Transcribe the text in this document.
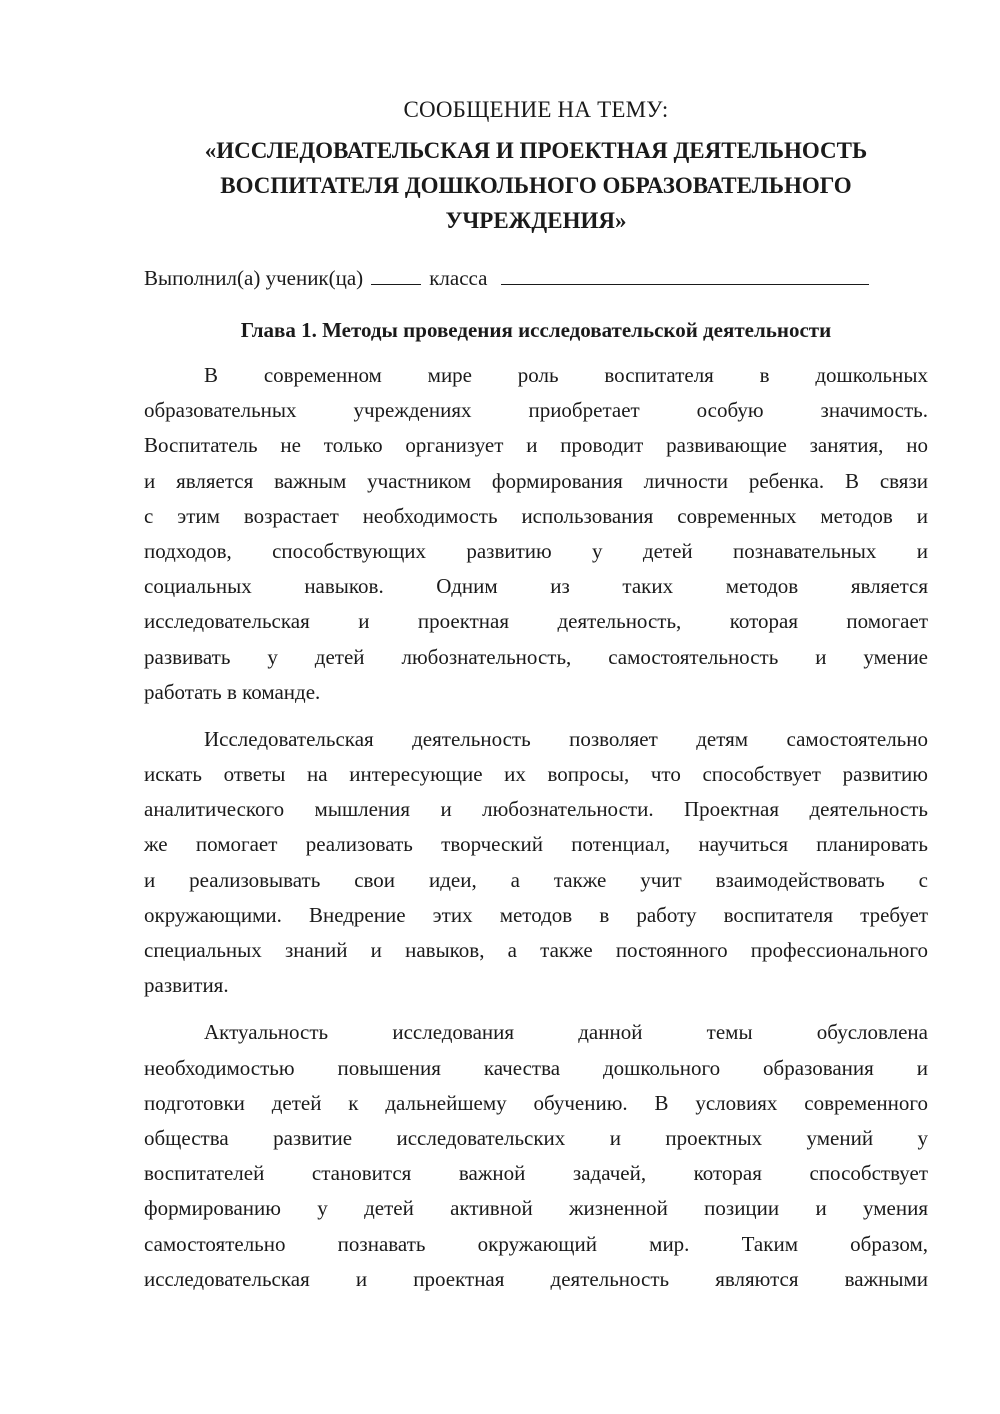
СООБЩЕНИЕ НА ТЕМУ:

«ИССЛЕДОВАТЕЛЬСКАЯ И ПРОЕКТНАЯ ДЕЯТЕЛЬНОСТЬ
ВОСПИТАТЕЛЯ ДОШКОЛЬНОГО ОБРАЗОВАТЕЛЬНОГО
УЧРЕЖДЕНИЯ»
Выполнил(а) ученик(ца)	класса
Глава 1. Методы проведения исследовательской деятельности
В современном мире роль воспитателя в дошкольных
образовательных учреждениях приобретает особую значимость.
Воспитатель не только организует и проводит развивающие занятия, но
и является важным участником формирования личности ребенка. В связи
с этим возрастает необходимость использования современных методов и
подходов, способствующих развитию у детей познавательных и
социальных навыков. Одним из таких методов является
исследовательская и проектная деятельность, которая помогает
развивать у детей любознательность, самостоятельность и умение
работать в команде.
Исследовательская деятельность позволяет детям самостоятельно
искать ответы на интересующие их вопросы, что способствует развитию
аналитического мышления и любознательности. Проектная деятельность
же помогает реализовать творческий потенциал, научиться планировать
и реализовывать свои идеи, а также учит взаимодействовать с
окружающими. Внедрение этих методов в работу воспитателя требует
специальных знаний и навыков, а также постоянного профессионального
развития.
Актуальность исследования данной темы обусловлена
необходимостью повышения качества дошкольного образования и
подготовки детей к дальнейшему обучению. В условиях современного
общества развитие исследовательских и проектных умений у
воспитателей становится важной задачей, которая способствует
формированию у детей активной жизненной позиции и умения
самостоятельно познавать окружающий мир. Таким образом,
исследовательская и проектная деятельность являются важными
